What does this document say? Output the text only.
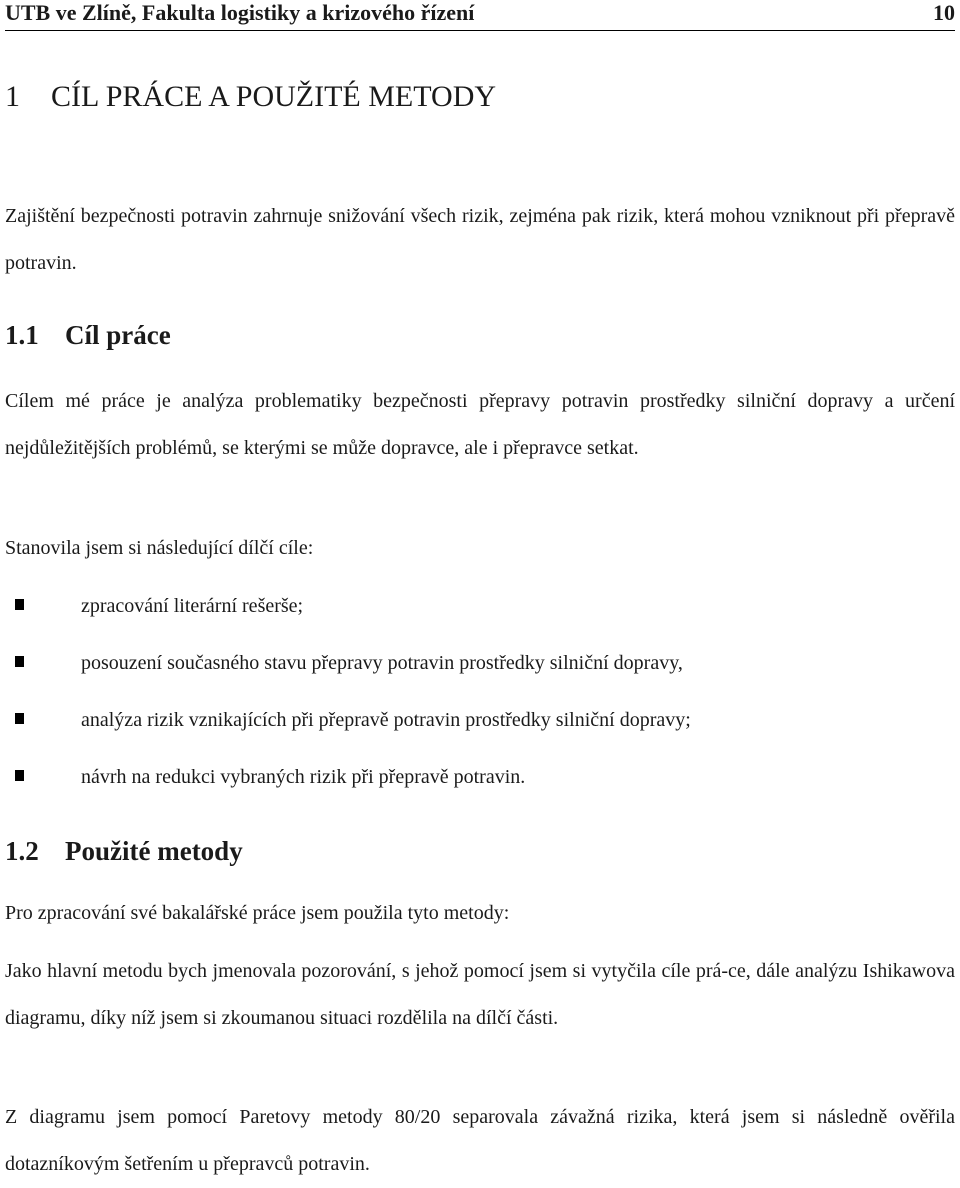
UTB ve Zlíně, Fakulta logistiky a krizového řízení	10
1 CÍL PRÁCE A POUŽITÉ METODY

Zajištění bezpečnosti potravin zahrnuje snižování všech rizik, zejména pak rizik, která mohou vzniknout při přepravě potravin.

1.1 Cíl práce

Cílem mé práce je analýza problematiky bezpečnosti přepravy potravin prostředky silniční dopravy a určení nejdůležitějších problémů, se kterými se může dopravce, ale i přepravce setkat.

Stanovila jsem si následující dílčí cíle:

zpracování literární rešerše;
posouzení současného stavu přepravy potravin prostředky silniční dopravy,
analýza rizik vznikajících při přepravě potravin prostředky silniční dopravy;
návrh na redukci vybraných rizik při přepravě potravin.
1.2 Použité metody

Pro zpracování své bakalářské práce jsem použila tyto metody:

Jako hlavní metodu bych jmenovala pozorování, s jehož pomocí jsem si vytyčila cíle prá-ce, dále analýzu Ishikawova diagramu, díky níž jsem si zkoumanou situaci rozdělila na dílčí části.

Z diagramu jsem pomocí Paretovy metody 80/20 separovala závažná rizika, která jsem si následně ověřila dotazníkovým šetřením u přepravců potravin.
